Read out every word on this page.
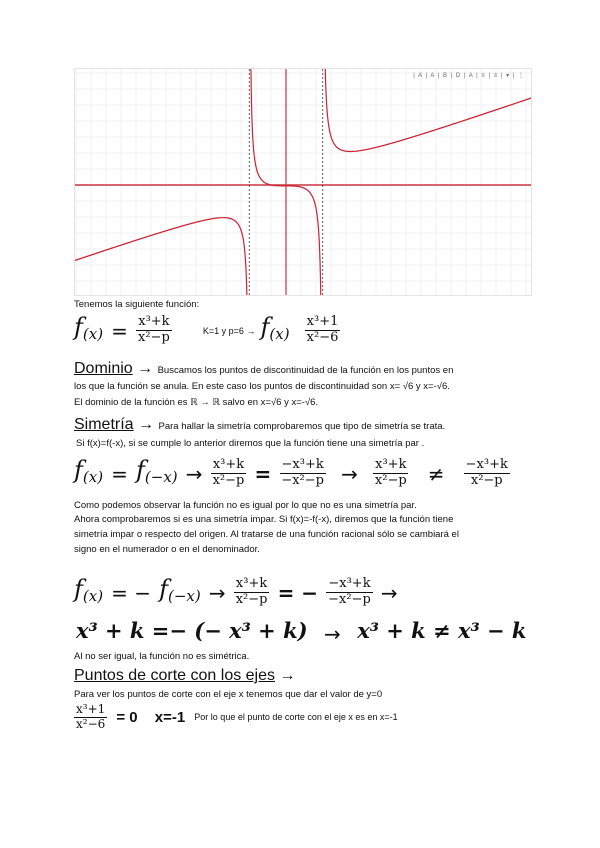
| A | A | B | D | A | ≡ | ≡ | ▾ | ⋮
Tenemos la siguiente función:
$f_{(x)} = \frac{\text{x³+k}}{\text{x²−p}}$	K=1 y $p=6 \to f_{(x)} \frac{\text{x³+1}}{\text{x²−6}}$
Dominio → Buscamos los puntos de discontinuidad de la función en los puntos en
los que la función se anula. En este caso los puntos de discontinuidad son x= √6 y x=-√6.
El dominio de la función es ℝ → ℝ salvo en x=√6 y x=-√6.
Simetría → Para hallar la simetría comprobaremos que tipo de simetría se trata.
Si f(x)=f(-x), si se cumple lo anterior diremos que la función tiene una simetría par .
$f_{(x)} = f_{(-x)} \to \frac{\text{x³+k}}{\text{x²−p}} = \frac{\text{−x³+k}}{\text{−x²−p}} \to \frac{\text{x³+k}}{\text{x²−p}} \ne \frac{\text{−x³+k}}{\text{x²−p}}$
Como podemos observar la función no es igual por lo que no es una simetría par.
Ahora comprobaremos si es una simetría impar. Si f(x)=-f(-x), diremos que la función tiene
simetría impar o respecto del origen. Al tratarse de una función racional sólo se cambiará el
signo en el numerador o en el denominador.
$f_{(x)}$ = − $f_{(-x)} \to \frac{\text{x³+k}}{\text{x²−p}}$ = − $\frac{\text{−x³+k}}{\text{−x²−p}}$ →
x³ + k =− (− x³ + k) → x³ + k ≠ x³ − k
Al no ser igual, la función no es simétrica.
Puntos de corte con los ejes →
Para ver los puntos de corte con el eje x tenemos que dar el valor de y=0
$\frac{\text{x³+1}}{\text{x²−6}} = 0$ x=-1 Por lo que el punto de corte con el eje x es en x=-1
